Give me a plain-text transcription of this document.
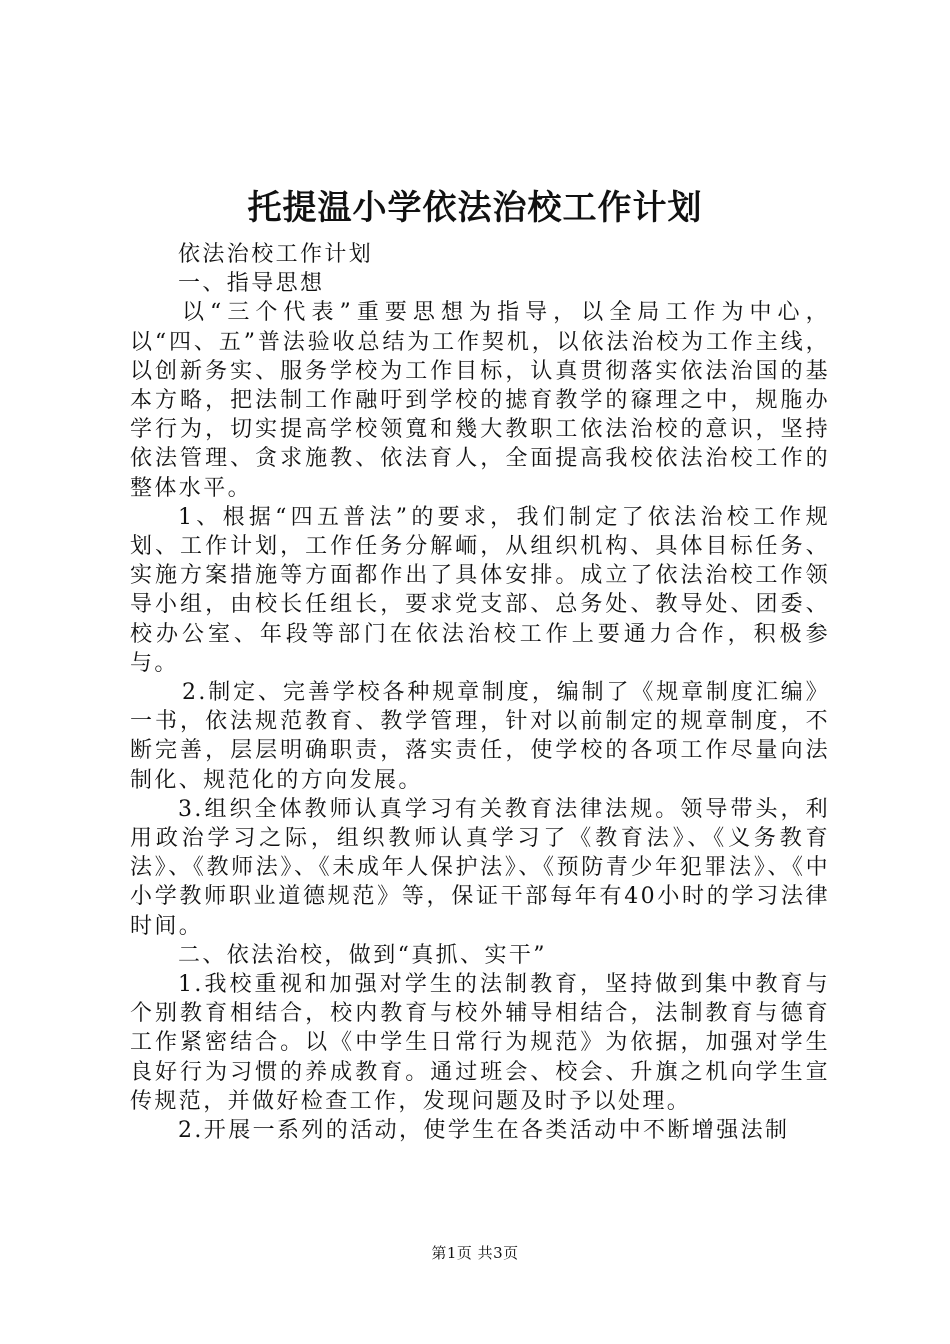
托提温小学依法治校工作计划

依法治校工作计划

一、指导思想

以“三个代表”重要思想为指导，以全局工作为中心，以“四、五”普法验收总结为工作契机，以依法治校为工作主线，以创新务实、服务学校为工作目标，认真贯彻落实依法治国的基本方略，把法制工作融吁到学校的摅育教学的窱理之中，规胣办学行为，切实提高学校领寬和幾大教职工依法治校的意识，坚持依法管理、贪求施教、依法育人，全面提高我校依法治校工作的整体水平。

1、根据“四五普法”的要求，我们制定了依法治校工作规划、工作计划，工作任务分解峏，从组织机构、具体目标任务、实施方案措施等方面都作出了具体安排。成立了依法治校工作领导小组，由校长任组长，要求党支部、总务处、教导处、团委、校办公室、年段等部门在依法治校工作上要通力合作，积极参与。

2.制定、完善学校各种规章制度，编制了《规章制度汇编》一书，依法规范教育、教学管理，针对以前制定的规章制度，不断完善，层层明确职责，落实责任，使学校的各项工作尽量向法制化、规范化的方向发展。

3.组织全体教师认真学习有关教育法律法规。领导带头，利用政治学习之际，组织教师认真学习了《教育法》、《义务教育法》、《教师法》、《未成年人保护法》、《预防青少年犯罪法》、《中小学教师职业道德规范》等，保证干部每年有40小时的学习法律时间。

二、依法治校，做到“真抓、实干”

1.我校重视和加强对学生的法制教育，坚持做到集中教育与个别教育相结合，校内教育与校外辅导相结合，法制教育与德育工作紧密结合。以《中学生日常行为规范》为依据，加强对学生良好行为习惯的养成教育。通过班会、校会、升旗之机向学生宣传规范，并做好检查工作，发现问题及时予以处理。

2.开展一系列的活动，使学生在各类活动中不断增强法制

第1页 共3页
